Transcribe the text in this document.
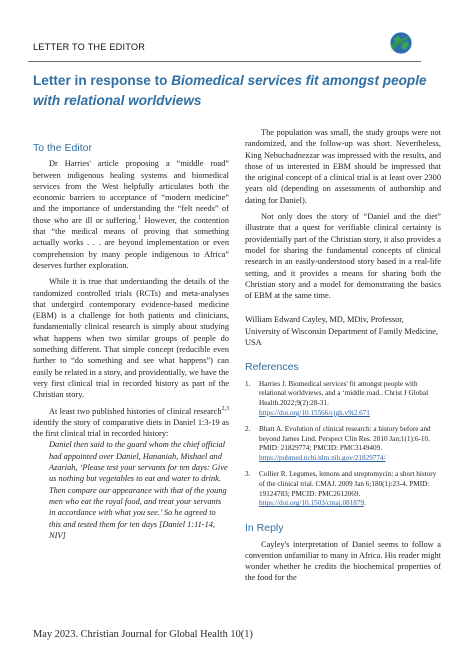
LETTER TO THE EDITOR
Letter in response to Biomedical services fit amongst people with relational worldviews

To the Editor

Dr Harries' article proposing a “middle road” between indigenous healing systems and biomedical services from the West helpfully articulates both the economic barriers to acceptance of “modern medicine” and the importance of understanding the “felt needs” of those who are ill or suffering.$^1$ However, the contention that “the medical means of proving that something actually works . . . are beyond implementation or even comprehension by many people indigenous to Africa” deserves further exploration.

While it is true that understanding the details of the randomized controlled trials (RCTs) and meta-analyses that undergird contemporary evidence-based medicine (EBM) is a challenge for both patients and clinicians, fundamentally clinical research is simply about studying what happens when two similar groups of people do something different. That simple concept (reducible even further to “do something and see what happens”) can easily be related in a story, and providentially, we have the very first clinical trial in recorded history as part of the Christian story.

At least two published histories of clinical research$^{2,3}$ identify the story of comparative diets in Daniel 1:3-19 as the first clinical trial in recorded history:

Daniel then said to the guard whom the chief official had appointed over Daniel, Hananiah, Mishael and Azariah, ‘Please test your servants for ten days: Give us nothing but vegetables to eat and water to drink. Then compare our appearance with that of the young men who eat the royal food, and treat your servants in accordance with what you see.’ So he agreed to this and tested them for ten days [Daniel 1:11-14, NIV]

The population was small, the study groups were not randomized, and the follow-up was short. Nevertheless, King Nebuchadnezzar was impressed with the results, and those of us interested in EBM should be impressed that the original concept of a clinical trial is at least over 2300 years old (depending on assessments of authorship and dating for Daniel).

Not only does the story of “Daniel and the diet” illustrate that a quest for verifiable clinical certainty is providentially part of the Christian story, it also provides a model for sharing the fundamental concepts of clinical research in an easily-understood story based in a real-life setting, and it provides a means for sharing both the Christian story and a model for demonstrating the basics of EBM at the same time.

William Edward Cayley, MD, MDiv, Professor, University of Wisconsin Department of Family Medicine, USA

References

1. Harries J. Biomedical services' fit amongst people with relational worldviews, and a ‘middle road.. Christ J Global Health.2022;9(2):28-31.
https://doi.org/10.15566/cjgh.v9i2.671
2. Bhatt A. Evolution of clinical research: a history before and beyond James Lind. Perspect Clin Res. 2010 Jan;1(1):6-10. PMID: 21829774; PMCID: PMC3149409.
https://pubmed.ncbi.nlm.nih.gov/21829774/
3. Collier R. Legumes, lemons and streptomycin: a short history of the clinical trial. CMAJ. 2009 Jan 6;180(1):23-4. PMID: 19124783; PMCID: PMC2612069.
https://doi.org/10.1503/cmaj.081879.

In Reply

Cayley's interpretation of Daniel seems to follow a convention unfamiliar to many in Africa. His reader might wonder whether he credits the biochemical properties of the food for the

May 2023. Christian Journal for Global Health 10(1)
